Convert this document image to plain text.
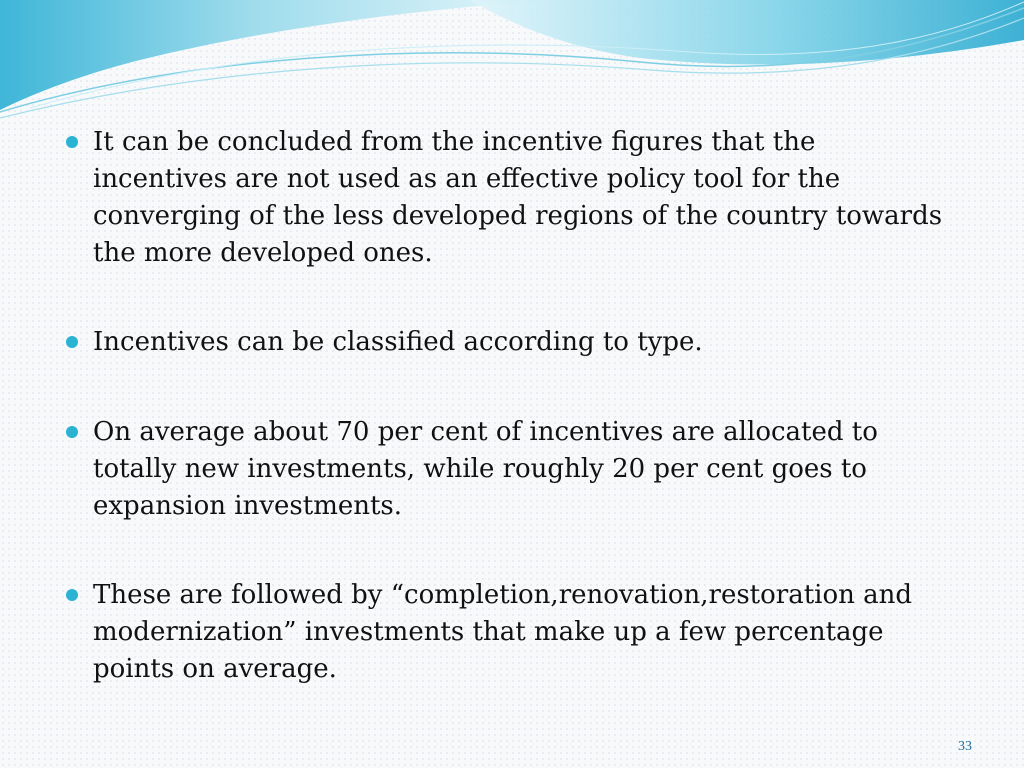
It can be concluded from the incentive figures that the incentives are not used as an effective policy tool for the converging of the less developed regions of the country towards the more developed ones.
Incentives can be classified according to type.
On average about 70 per cent of incentives are allocated to totally new investments, while roughly 20 per cent goes to expansion investments.
These are followed by “completion,renovation,restoration and modernization” investments that make up a few percentage points on average.
33
